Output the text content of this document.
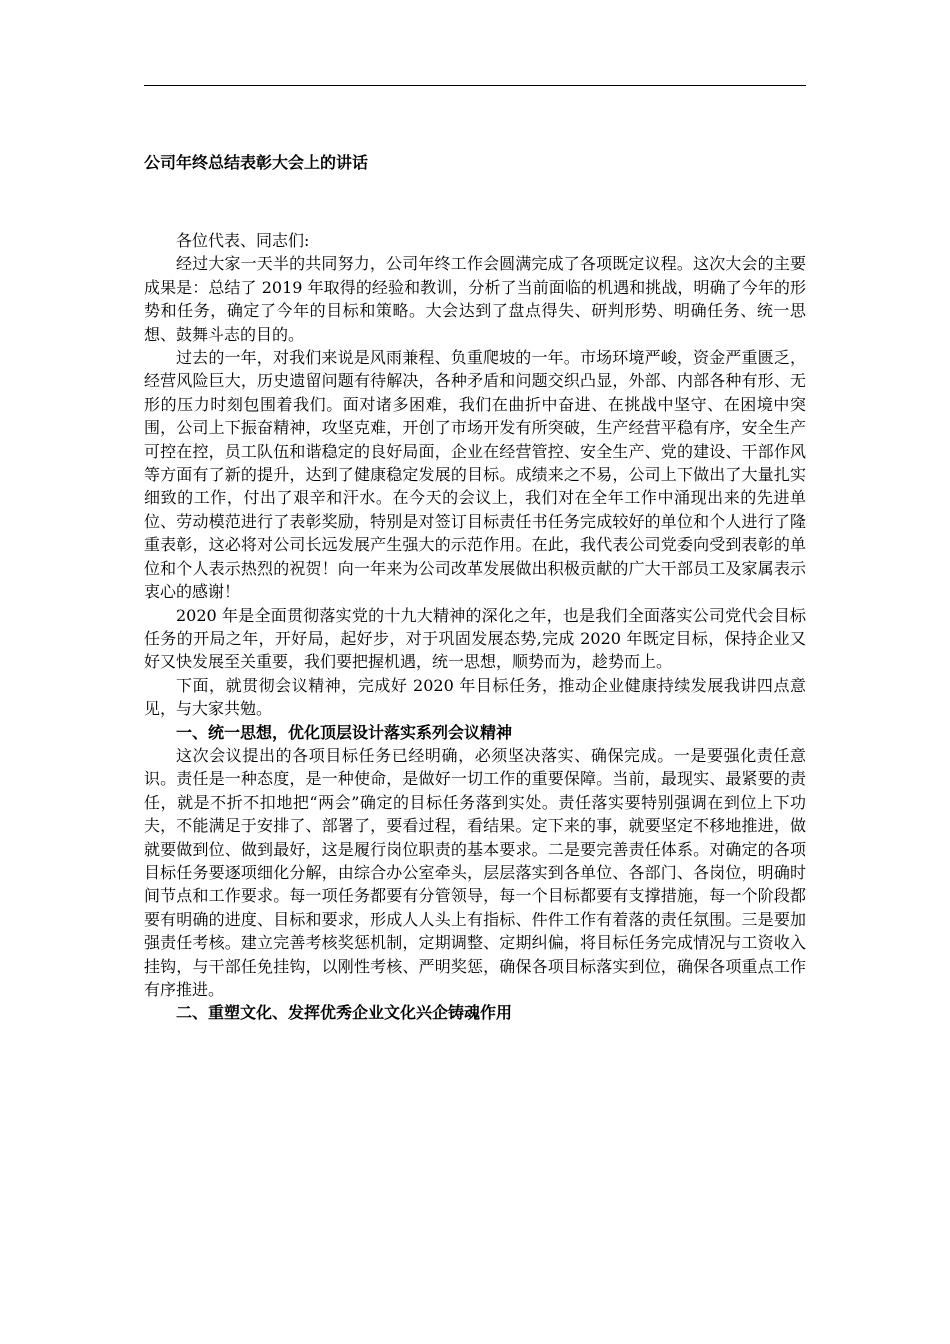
公司年终总结表彰大会上的讲话

各位代表、同志们:

经过大家一天半的共同努力，公司年终工作会圆满完成了各项既定议程。这次大会的主要成果是：总结了 2019 年取得的经验和教训，分析了当前面临的机遇和挑战，明确了今年的形势和任务，确定了今年的目标和策略。大会达到了盘点得失、研判形势、明确任务、统一思想、鼓舞斗志的目的。

过去的一年，对我们来说是风雨兼程、负重爬坡的一年。市场环境严峻，资金严重匮乏，经营风险巨大，历史遗留问题有待解决，各种矛盾和问题交织凸显，外部、内部各种有形、无形的压力时刻包围着我们。面对诸多困难，我们在曲折中奋进、在挑战中坚守、在困境中突围，公司上下振奋精神，攻坚克难，开创了市场开发有所突破，生产经营平稳有序，安全生产可控在控，员工队伍和谐稳定的良好局面，企业在经营管控、安全生产、党的建设、干部作风等方面有了新的提升，达到了健康稳定发展的目标。成绩来之不易，公司上下做出了大量扎实细致的工作，付出了艰辛和汗水。在今天的会议上，我们对在全年工作中涌现出来的先进单位、劳动模范进行了表彰奖励，特别是对签订目标责任书任务完成较好的单位和个人进行了隆重表彰，这必将对公司长远发展产生强大的示范作用。在此，我代表公司党委向受到表彰的单位和个人表示热烈的祝贺！向一年来为公司改革发展做出积极贡献的广大干部员工及家属表示衷心的感谢！

2020 年是全面贯彻落实党的十九大精神的深化之年，也是我们全面落实公司党代会目标任务的开局之年，开好局，起好步，对于巩固发展态势,完成 2020 年既定目标，保持企业又好又快发展至关重要，我们要把握机遇，统一思想，顺势而为，趁势而上。

下面，就贯彻会议精神，完成好 2020 年目标任务，推动企业健康持续发展我讲四点意见，与大家共勉。

一、统一思想，优化顶层设计落实系列会议精神

这次会议提出的各项目标任务已经明确，必须坚决落实、确保完成。一是要强化责任意识。责任是一种态度，是一种使命，是做好一切工作的重要保障。当前，最现实、最紧要的责任，就是不折不扣地把“两会”确定的目标任务落到实处。责任落实要特别强调在到位上下功夫，不能满足于安排了、部署了，要看过程，看结果。定下来的事，就要坚定不移地推进，做就要做到位、做到最好，这是履行岗位职责的基本要求。二是要完善责任体系。对确定的各项目标任务要逐项细化分解，由综合办公室牵头，层层落实到各单位、各部门、各岗位，明确时间节点和工作要求。每一项任务都要有分管领导，每一个目标都要有支撑措施，每一个阶段都要有明确的进度、目标和要求，形成人人头上有指标、件件工作有着落的责任氛围。三是要加强责任考核。建立完善考核奖惩机制，定期调整、定期纠偏，将目标任务完成情况与工资收入挂钩，与干部任免挂钩，以刚性考核、严明奖惩，确保各项目标落实到位，确保各项重点工作有序推进。

二、重塑文化、发挥优秀企业文化兴企铸魂作用
